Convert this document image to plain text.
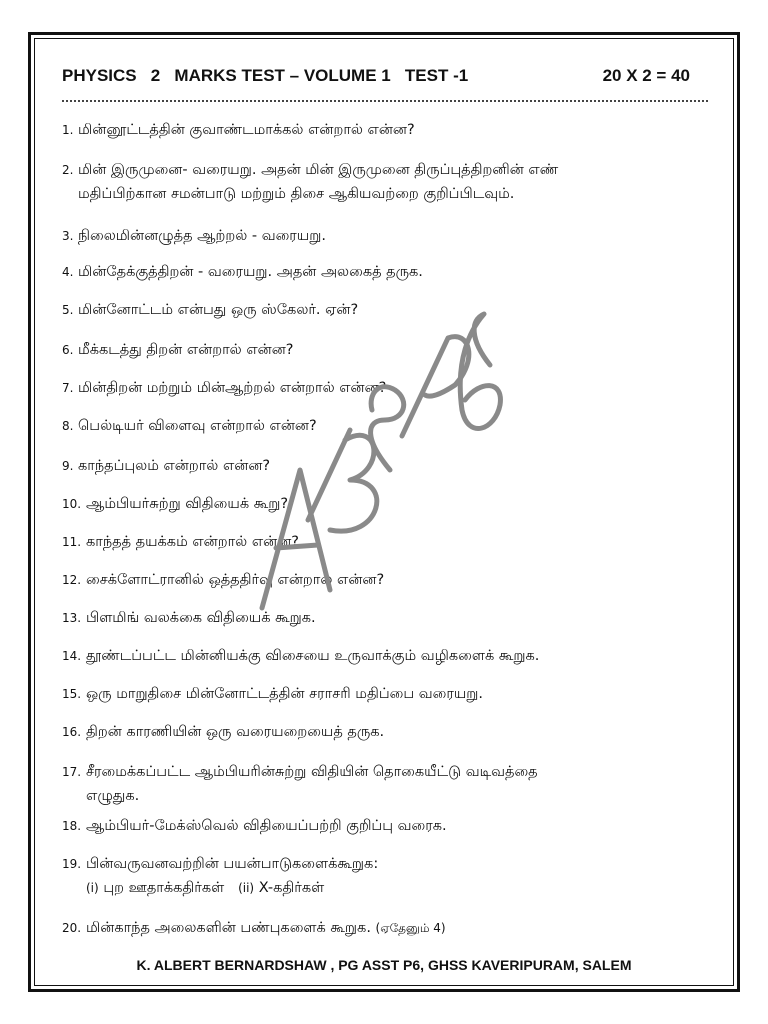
PHYSICS   2   MARKS TEST – VOLUME 1   TEST -1	20 X 2 = 40
1. மின்னூட்டத்தின் குவாண்டமாக்கல் என்றால் என்ன?
2. மின் இருமுனை- வரையறு. அதன் மின் இருமுனை திருப்புத்திறனின் எண்
மதிப்பிற்கான சமன்பாடு மற்றும் திசை ஆகியவற்றை குறிப்பிடவும்.
3. நிலைமின்னழுத்த ஆற்றல் - வரையறு.
4. மின்தேக்குத்திறன் - வரையறு. அதன் அலகைத் தருக.
5. மின்னோட்டம் என்பது ஒரு ஸ்கேலர். ஏன்?
6. மீக்கடத்து திறன் என்றால் என்ன?
7. மின்திறன் மற்றும் மின்ஆற்றல் என்றால் என்ன?
8. பெல்டியர் விளைவு என்றால் என்ன?
9. காந்தப்புலம் என்றால் என்ன?
10. ஆம்பியர்சுற்று விதியைக் கூறு?
11. காந்தத் தயக்கம் என்றால் என்ன?
12. சைக்ளோட்ரானில் ஒத்ததிர்வு என்றால் என்ன?
13. பிளமிங் வலக்கை விதியைக் கூறுக.
14. தூண்டப்பட்ட மின்னியக்கு விசையை உருவாக்கும் வழிகளைக் கூறுக.
15. ஒரு மாறுதிசை மின்னோட்டத்தின் சராசரி மதிப்பை வரையறு.
16. திறன் காரணியின் ஒரு வரையறையைத் தருக.
17. சீரமைக்கப்பட்ட ஆம்பியரின்சுற்று விதியின் தொகையீட்டு வடிவத்தை
எழுதுக.
18. ஆம்பியர்-மேக்ஸ்வெல் விதியைப்பற்றி குறிப்பு வரைக.
19. பின்வருவனவற்றின் பயன்பாடுகளைக்கூறுக:
(i) புற ஊதாக்கதிர்கள் (ii) X-கதிர்கள்
20. மின்காந்த அலைகளின் பண்புகளைக் கூறுக. (ஏதேனும் 4)
K. ALBERT BERNARDSHAW , PG ASST P6, GHSS KAVERIPURAM, SALEM
